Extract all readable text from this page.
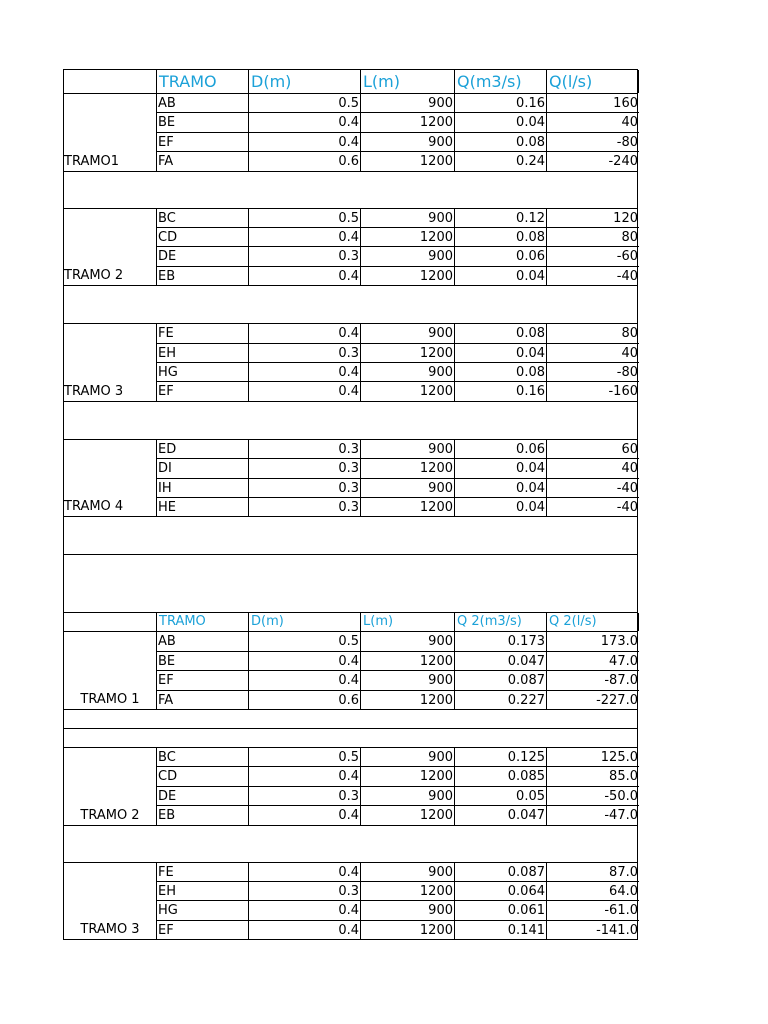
TRAMO	D(m)	L(m)	Q(m3/s)	Q(l/s)
AB	0.5	900	0.16	160
BE	0.4	1200	0.04	40
EF	0.4	900	0.08	-80
FA	0.6	1200	0.24	-240
TRAMO1
BC	0.5	900	0.12	120
CD	0.4	1200	0.08	80
DE	0.3	900	0.06	-60
EB	0.4	1200	0.04	-40
TRAMO 2
FE	0.4	900	0.08	80
EH	0.3	1200	0.04	40
HG	0.4	900	0.08	-80
EF	0.4	1200	0.16	-160
TRAMO 3
ED	0.3	900	0.06	60
DI	0.3	1200	0.04	40
IH	0.3	900	0.04	-40
HE	0.3	1200	0.04	-40
TRAMO 4
TRAMO	D(m)	L(m)	Q 2(m3/s)	Q 2(l/s)
AB	0.5	900	0.173	173.0
BE	0.4	1200	0.047	47.0
EF	0.4	900	0.087	-87.0
FA	0.6	1200	0.227	-227.0
TRAMO 1
BC	0.5	900	0.125	125.0
CD	0.4	1200	0.085	85.0
DE	0.3	900	0.05	-50.0
EB	0.4	1200	0.047	-47.0
TRAMO 2
FE	0.4	900	0.087	87.0
EH	0.3	1200	0.064	64.0
HG	0.4	900	0.061	-61.0
EF	0.4	1200	0.141	-141.0
TRAMO 3
